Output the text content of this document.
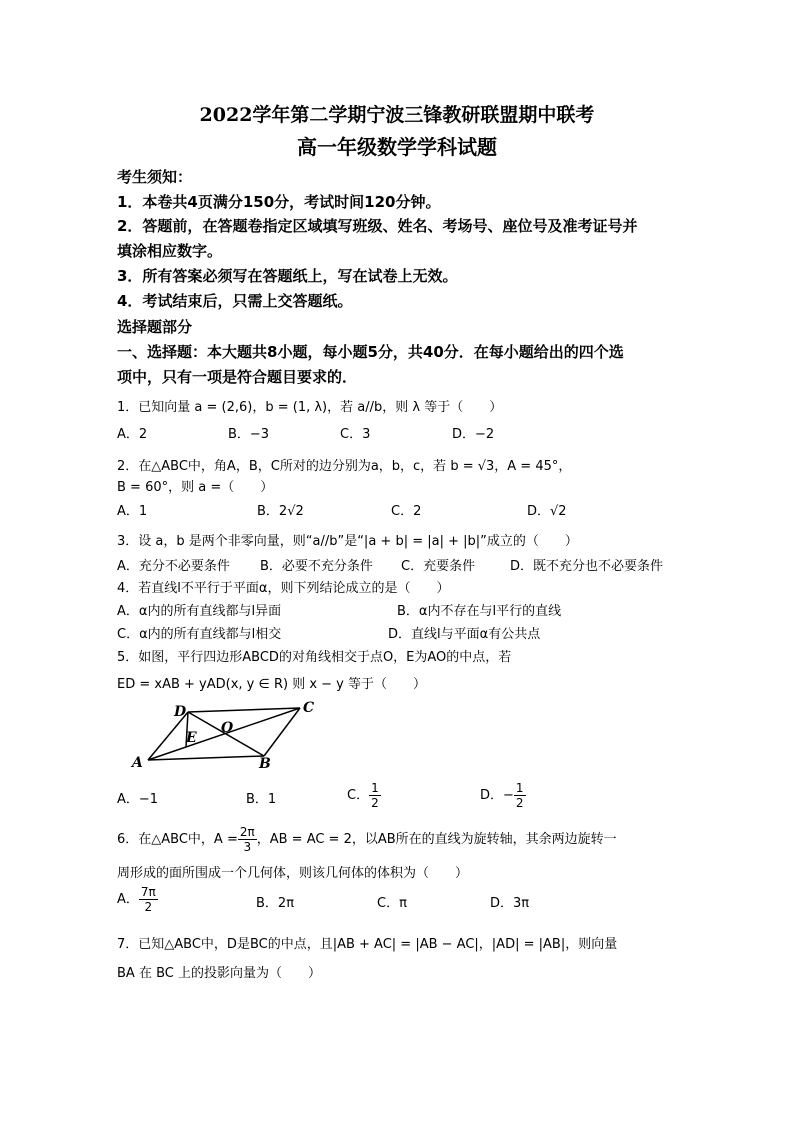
2022学年第二学期宁波三锋教研联盟期中联考
高一年级数学学科试题
考生须知：
1．本卷共4页满分150分，考试时间120分钟。
2．答题前，在答题卷指定区域填写班级、姓名、考场号、座位号及准考证号并
填涂相应数字。
3．所有答案必须写在答题纸上，写在试卷上无效。
4．考试结束后，只需上交答题纸。
选择题部分
一、选择题：本大题共8小题，每小题5分，共40分．在每小题给出的四个选
项中，只有一项是符合题目要求的．
1．已知向量 a = (2,6)，b = (1, λ)，若 a//b，则 λ 等于（　　）
A．2	B．−3	C．3	D．−2
2．在△ABC中，角A，B，C所对的边分别为a，b，c，若 b = √3，A = 45°，
B = 60°，则 a =（　　）
A．1	B．2√2	C．2	D．√2
3．设 a，b 是两个非零向量，则“a//b”是“|a + b| = |a| + |b|”成立的（　　）
A．充分不必要条件 B．必要不充分条件 C．充要条件	D．既不充分也不必要条件
4．若直线l不平行于平面α，则下列结论成立的是（　　）
A．α内的所有直线都与l异面	B．α内不存在与l平行的直线
C．α内的所有直线都与l相交	D．直线l与平面α有公共点
5．如图，平行四边形ABCD的对角线相交于点O，E为AO的中点，若
ED = xAB + yAD(x, y ∈ R) 则 x − y 等于（　　）
D	C
O
E
A	B
A．−1	B．1	C． $\frac{1}{2}$	D．− $\frac{1}{2}$
6．在△ABC中，$A = \frac{2\pi}{3}$ ，AB = AC = 2，以AB所在的直线为旋转轴，其余两边旋转一
周形成的面所围成一个几何体，则该几何体的体积为（　　）
A． $\frac{7\pi}{2}$	B．2π	C．π	D．3π
7．已知△ABC中，D是BC的中点，且|AB + AC| = |AB − AC|，|AD| = |AB|，则向量
BA 在 BC 上的投影向量为（　　）
